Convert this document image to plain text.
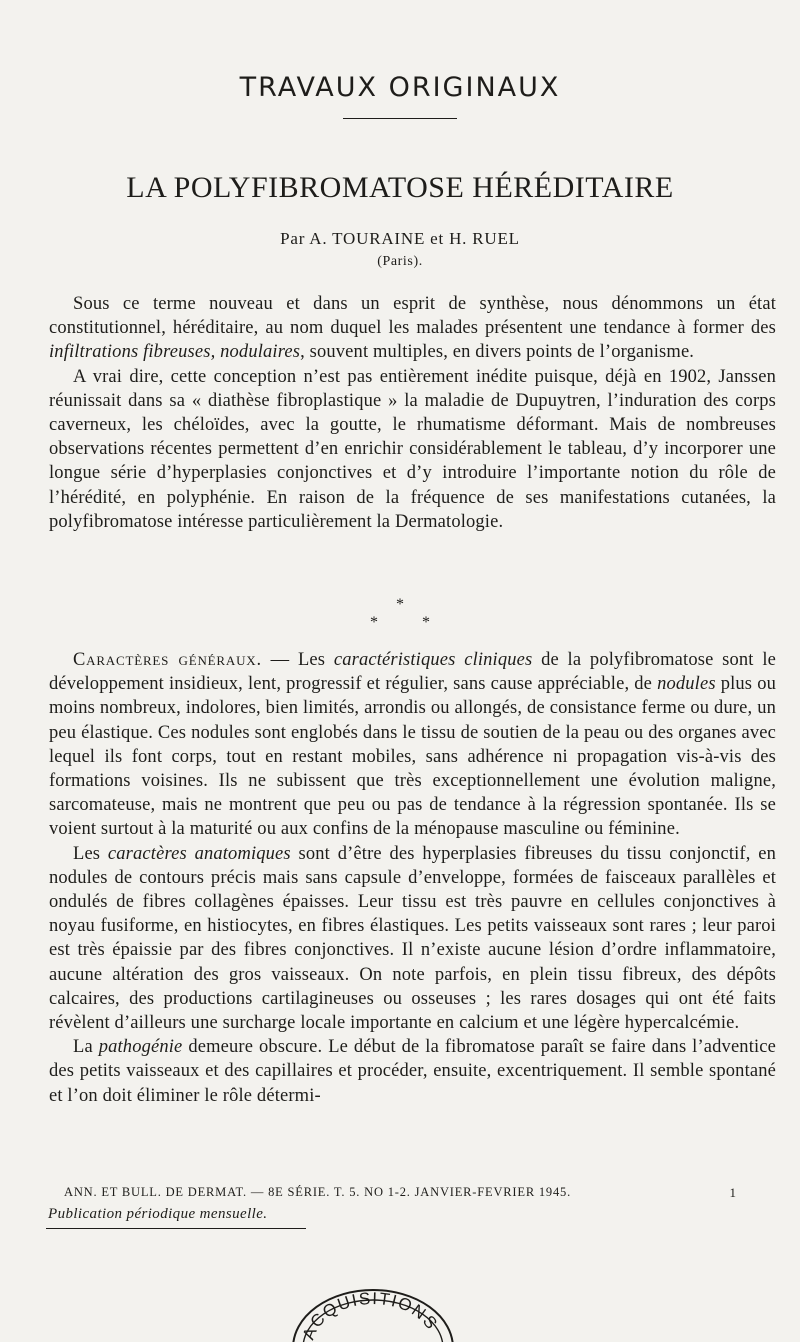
TRAVAUX ORIGINAUX
LA POLYFIBROMATOSE HÉRÉDITAIRE
Par A. TOURAINE et H. RUEL
(Paris).

Sous ce terme nouveau et dans un esprit de synthèse, nous dénommons un état constitutionnel, héréditaire, au nom duquel les malades présentent une tendance à former des infiltrations fibreuses, nodulaires, souvent multiples, en divers points de l’organisme.

A vrai dire, cette conception n’est pas entièrement inédite puisque, déjà en 1902, Janssen réunissait dans sa « diathèse fibroplastique » la maladie de Dupuytren, l’induration des corps caverneux, les chéloïdes, avec la goutte, le rhumatisme déformant. Mais de nombreuses observations récentes permettent d’en enrichir considérablement le tableau, d’y incorporer une longue série d’hyperplasies conjonctives et d’y introduire l’importante notion du rôle de l’hérédité, en polyphénie. En raison de la fréquence de ses manifestations cutanées, la polyfibromatose intéresse particulièrement la Dermatologie.

*
* *

Caractères généraux. — Les caractéristiques cliniques de la polyfibromatose sont le développement insidieux, lent, progressif et régulier, sans cause appréciable, de nodules plus ou moins nombreux, indolores, bien limités, arrondis ou allongés, de consistance ferme ou dure, un peu élastique. Ces nodules sont englobés dans le tissu de soutien de la peau ou des organes avec lequel ils font corps, tout en restant mobiles, sans adhérence ni propagation vis-à-vis des formations voisines. Ils ne subissent que très exceptionnellement une évolution maligne, sarcomateuse, mais ne montrent que peu ou pas de tendance à la régression spontanée. Ils se voient surtout à la maturité ou aux confins de la ménopause masculine ou féminine.

Les caractères anatomiques sont d’être des hyperplasies fibreuses du tissu conjonctif, en nodules de contours précis mais sans capsule d’enveloppe, formées de faisceaux parallèles et ondulés de fibres collagènes épaisses. Leur tissu est très pauvre en cellules conjonctives à noyau fusiforme, en histiocytes, en fibres élastiques. Les petits vaisseaux sont rares ; leur paroi est très épaissie par des fibres conjonctives. Il n’existe aucune lésion d’ordre inflammatoire, aucune altération des gros vaisseaux. On note parfois, en plein tissu fibreux, des dépôts calcaires, des productions cartilagineuses ou osseuses ; les rares dosages qui ont été faits révèlent d’ailleurs une surcharge locale importante en calcium et une légère hypercalcémie.

La pathogénie demeure obscure. Le début de la fibromatose paraît se faire dans l’adventice des petits vaisseaux et des capillaires et procéder, ensuite, excentriquement. Il semble spontané et l’on doit éliminer le rôle détermi-

ANN. ET BULL. DE DERMAT. — 8E SÉRIE. T. 5. NO 1-2. JANVIER-FEVRIER 1945.	1
Publication périodique mensuelle.
ACQUISITIONS
